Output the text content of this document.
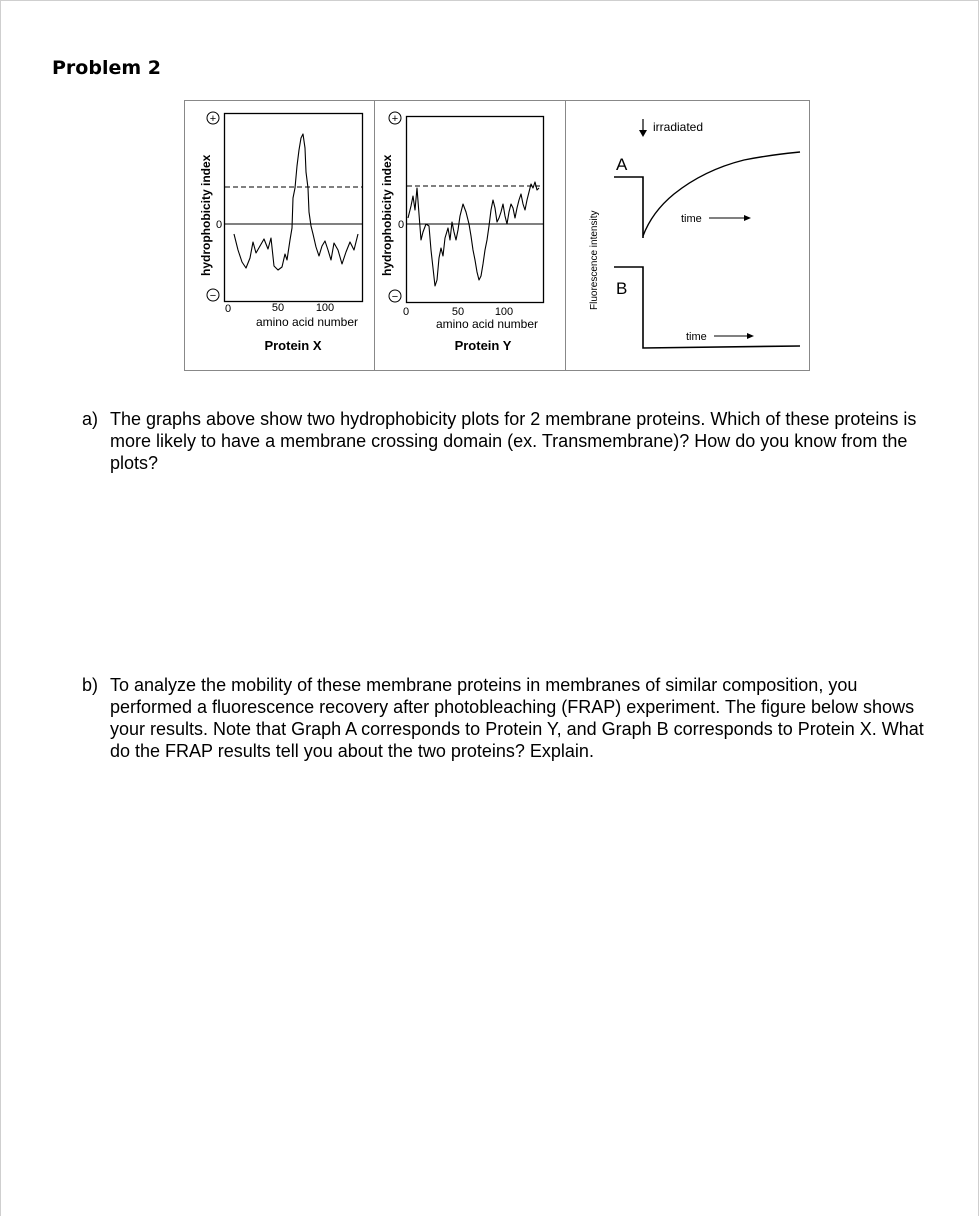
Problem 2
hydrophobicity index
+
−
0
0	50	100
amino acid number
Protein X
hydrophobicity index
+
−
0
0	50	100
amino acid number
Protein Y
Fluorescence intensity
irradiated
A
time
B
time
a) The graphs above show two hydrophobicity plots for 2 membrane proteins. Which of these proteins is more likely to have a membrane crossing domain (ex. Transmembrane)? How do you know from the plots?
b) To analyze the mobility of these membrane proteins in membranes of similar composition, you performed a fluorescence recovery after photobleaching (FRAP) experiment. The figure below shows your results. Note that Graph A corresponds to Protein Y, and Graph B corresponds to Protein X. What do the FRAP results tell you about the two proteins? Explain.
